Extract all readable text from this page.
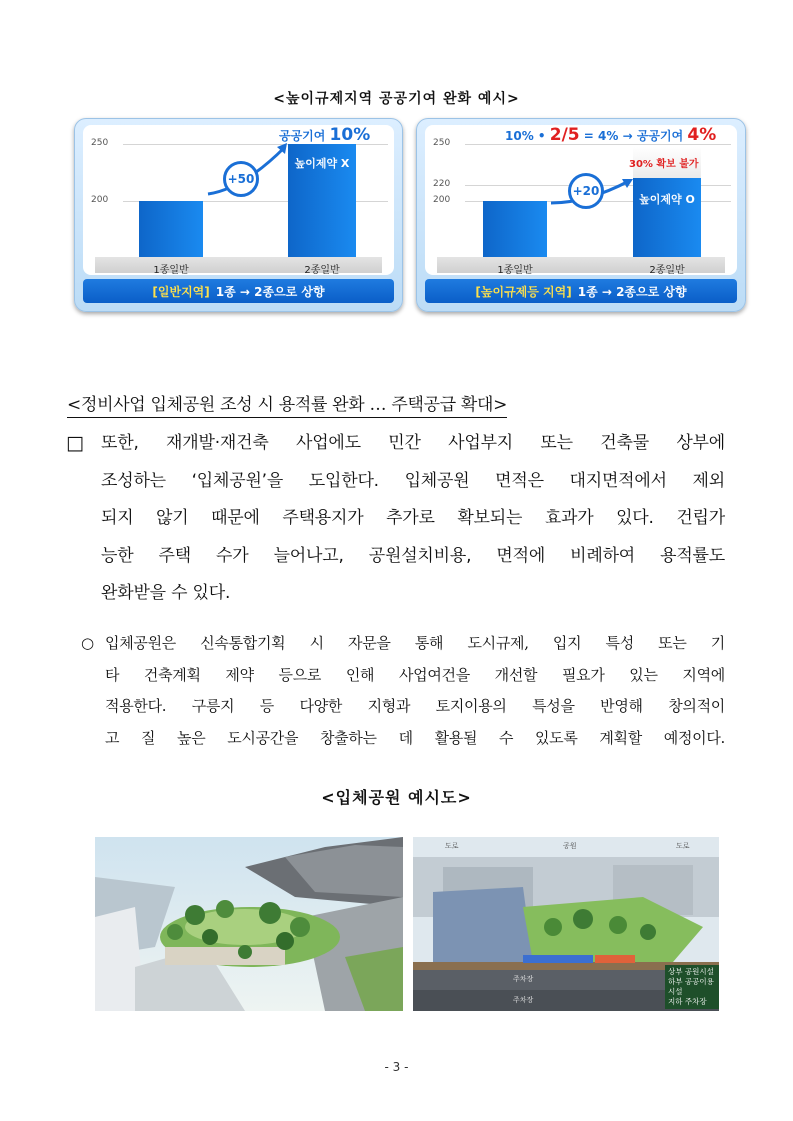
<높이규제지역 공공기여 완화 예시>
250
200
높이제약 X
1종일반	2종일반
+50
공공기여 10%
[일반지역] 1종 → 2종으로 상향
250
220
200
30% 확보 불가
높이제약 O
1종일반	2종일반
+20
10% • 2/5 = 4% → 공공기여 4%
[높이규제등 지역] 1종 → 2종으로 상향
<정비사업 입체공원 조성 시 용적률 완화 … 주택공급 확대>
□ 또한, 재개발·재건축 사업에도 민간 사업부지 또는 건축물 상부에
조성하는 ‘입체공원’을 도입한다. 입체공원 면적은 대지면적에서 제외
되지 않기 때문에 주택용지가 추가로 확보되는 효과가 있다. 건립가
능한 주택 수가 늘어나고, 공원설치비용, 면적에 비례하여 용적률도
완화받을 수 있다.
○ 입체공원은 신속통합기획 시 자문을 통해 도시규제, 입지 특성 또는 기
타 건축계획 제약 등으로 인해 사업여건을 개선할 필요가 있는 지역에
적용한다. 구릉지 등 다양한 지형과 토지이용의 특성을 반영해 창의적이
고 질 높은 도시공간을 창출하는 데 활용될 수 있도록 계획할 예정이다.
<입체공원 예시도>
도로	공원	도로
주차장
주차장
상부 공원시설
하부 공공이용시설
지하 주차장
- 3 -
